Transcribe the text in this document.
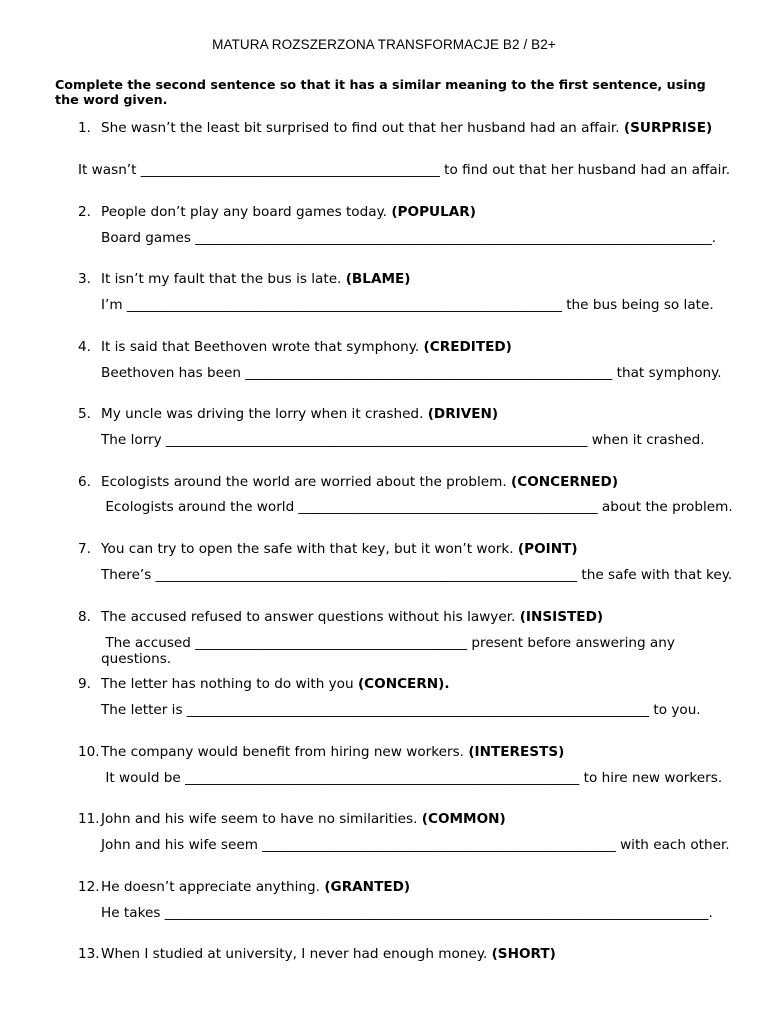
MATURA ROZSZERZONA TRANSFORMACJE B2 / B2+
Complete the second sentence so that it has a similar meaning to the first sentence, using the word given.
1. She wasn’t the least bit surprised to find out that her husband had an affair. (SURPRISE)
It wasn’t ____________________________________________ to find out that her husband had an affair.
2. People don’t play any board games today. (POPULAR)
Board games ____________________________________________________________________________.
3. It isn’t my fault that the bus is late. (BLAME)
I’m ________________________________________________________________ the bus being so late.
4. It is said that Beethoven wrote that symphony. (CREDITED)
Beethoven has been ______________________________________________________ that symphony.
5. My uncle was driving the lorry when it crashed. (DRIVEN)
The lorry ______________________________________________________________ when it crashed.
6. Ecologists around the world are worried about the problem. (CONCERNED)
Ecologists around the world ____________________________________________ about the problem.
7. You can try to open the safe with that key, but it won’t work. (POINT)
There’s ______________________________________________________________ the safe with that key.
8. The accused refused to answer questions without his lawyer. (INSISTED)
The accused ________________________________________ present before answering any questions.
9. The letter has nothing to do with you (CONCERN).
The letter is ____________________________________________________________________ to you.
10. The company would benefit from hiring new workers. (INTERESTS)
It would be __________________________________________________________ to hire new workers.
11. John and his wife seem to have no similarities. (COMMON)
John and his wife seem ____________________________________________________ with each other.
12. He doesn’t appreciate anything. (GRANTED)
He takes ________________________________________________________________________________.
13. When I studied at university, I never had enough money. (SHORT)
